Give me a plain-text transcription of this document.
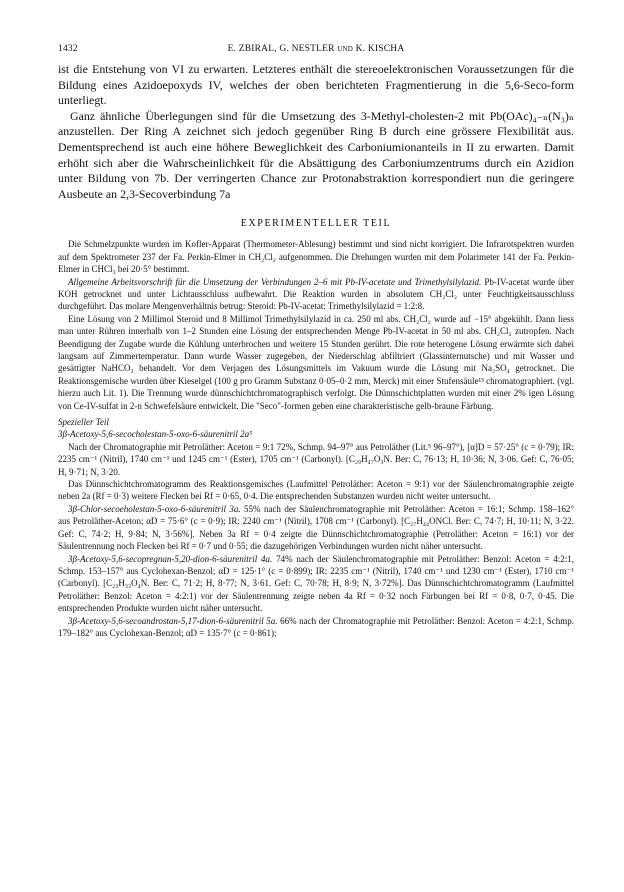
1432	E. ZBIRAL, G. NESTLER und K. KISCHA

ist die Entstehung von VI zu erwarten. Letzteres enthält die stereoelektronischen Voraussetzungen für die Bildung eines Azidoepoxyds IV, welches der oben berichteten Fragmentierung in die 5,6-Seco-form unterliegt.

Ganz ähnliche Überlegungen sind für die Umsetzung des 3-Methyl-cholesten-2 mit Pb(OAc)₄₋ₙ(N₃)ₙ anzustellen. Der Ring A zeichnet sich jedoch gegenüber Ring B durch eine grössere Flexibilität aus. Dementsprechend ist auch eine höhere Beweglichkeit des Carboniumionanteils in II zu erwarten. Damit erhöht sich aber die Wahrscheinlichkeit für die Absättigung des Carboniumzentrums durch ein Azidion unter Bildung von 7b. Der verringerten Chance zur Protonabstraktion korrespondiert nun die geringere Ausbeute an 2,3-Secoverbindung 7a

EXPERIMENTELLER TEIL

Die Schmelzpunkte wurden im Kofler-Apparat (Thermometer-Ablesung) bestimmt und sind nicht korrigiert. Die Infrarotspektren wurden auf dem Spektrometer 237 der Fa. Perkin-Elmer in CH₂Cl₂ aufgenommen. Die Drehungen wurden mit dem Polarimeter 141 der Fa. Perkin-Elmer in CHCl₃ bei 20·5° bestimmt.

Allgemeine Arbeitsvorschrift für die Umsetzung der Verbindungen 2–6 mit Pb-IV-acetate und Trimethylsilylazid. Pb-IV-acetat wurde über KOH getrocknet und unter Lichtausschluss aufbewahrt. Die Reaktion wurden in absolutem CH₂Cl₂ unter Feuchtigkeitsausschluss durchgeführt. Das molare Mengenverhältnis betrug: Steroid: Pb-IV-acetat: Trimethylsilylazid = 1:2:8.

Eine Lösung von 2 Millimol Steroid und 8 Millimol Trimethylsilylazid in ca. 250 ml abs. CH₂Cl₂ wurde auf −15° abgekühlt. Dann liess man unter Rühren innerhalb von 1–2 Stunden eine Lösung der entsprechenden Menge Pb-IV-acetat in 50 ml abs. CH₂Cl₂ zutropfen. Nach Beendigung der Zugabe wurde die Kühlung unterbrochen und weitere 15 Stunden gerührt. Die rote heterogene Lösung erwärmte sich dabei langsam auf Zimmertemperatur. Dann wurde Wasser zugegeben, der Niederschlag abfiltriert (Glassinternutsche) und mit Wasser und gesättigter NaHCO₃ behandelt. Vor dem Verjagen des Lösungsmittels im Vakuum wurde die Lösung mit Na₂SO₄ getrocknet. Die Reaktionsgemische wurden über Kieselgel (100 g pro Gramm Substanz 0·05–0·2 mm, Merck) mit einer Stufensäule¹³ chromatographiert. (vgl. hierzu auch Lit. 1). Die Trennung wurde dünnschichtchromatographisch verfolgt. Die Dünnschichtplatten wurden mit einer 2% igen Lösung von Ce-IV-sulfat in 2-n Schwefelsäure entwickelt. Die "Seco"-formen geben eine charakteristische gelb-braune Färbung.

Spezieller Teil

3β-Acetoxy-5,6-secocholestan-5-oxo-6-säurenitril 2a⁵

Nach der Chromatographie mit Petroläther: Aceton = 9:1 72%, Schmp. 94–97° aus Petroläther (Lit.⁵ 96–97°), [α]D = 57·25° (c = 0·79); IR: 2235 cm⁻¹ (Nitril), 1740 cm⁻¹ und 1245 cm⁻¹ (Ester), 1705 cm⁻¹ (Carbonyl). [C₂₉H₄₇O₃N. Ber: C, 76·13; H, 10·36; N, 3·06. Gef: C, 76·05; H, 9·71; N, 3·20.

Das Dünnschichtchromatogramm des Reaktionsgemisches (Laufmittel Petroläther: Aceton = 9:1) vor der Säulenchromatographie zeigte neben 2a (Rf = 0·3) weitere Flecken bei Rf = 0·65, 0·4. Die entsprechenden Substanzen wurden nicht weiter untersucht.

3β-Chlor-secoeholestan-5-oxo-6-säurenitril 3a. 55% nach der Säulenchromatographie mit Petroläther: Aceton = 16:1; Schmp. 158–162° aus Petroläther-Aceton; αD = 75·6° (c = 0·9); IR: 2240 cm⁻¹ (Nitril), 1708 cm⁻¹ (Carbonyl). [C₂₇H₄₄ONCl. Ber: C, 74·7; H, 10·11; N, 3·22. Gef: C, 74·2; H, 9·84; N, 3·56%]. Neben 3a Rf = 0·4 zeigte die Dünnschichtchromatographie (Petroläther: Aceton = 16:1) vor der Säulentrennung noch Flecken bei Rf = 0·7 und 0·55; die dazugehörigen Verbindungen wurden nicht näher untersucht.

3β-Acetoxy-5,6-secopregnan-5,20-dion-6-säurenitril 4a. 74% nach der Säulenchromatographie mit Petroläther: Benzol: Aceton = 4:2:1, Schmp. 153–157° aus Cyclohexan-Benzol; αD = 125·1° (c = 0·899); IR: 2235 cm⁻¹ (Nitril), 1740 cm⁻¹ und 1230 cm⁻¹ (Ester), 1710 cm⁻¹ (Carbonyl). [C₂₃H₃₃O₄N. Ber: C, 71·2; H, 8·77; N, 3·61. Gef: C, 70·78; H, 8·9; N, 3·72%]. Das Dünnschichtchromatogramm (Laufmittel Petroläther: Benzol: Aceton = 4:2:1) vor der Säulentrennung zeigte neben 4a Rf = 0·32 noch Färbungen bei Rf = 0·8, 0·7, 0·45. Die entsprechenden Produkte wurden nicht näher untersucht.

3β-Acetoxy-5,6-secoandrostan-5,17-dion-6-säurenitril 5a. 66% nach der Chromatographie mit Petroläther: Benzol: Aceton = 4:2:1, Schmp. 179–182° aus Cyclohexan-Benzol; αD = 135·7° (c = 0·861);
